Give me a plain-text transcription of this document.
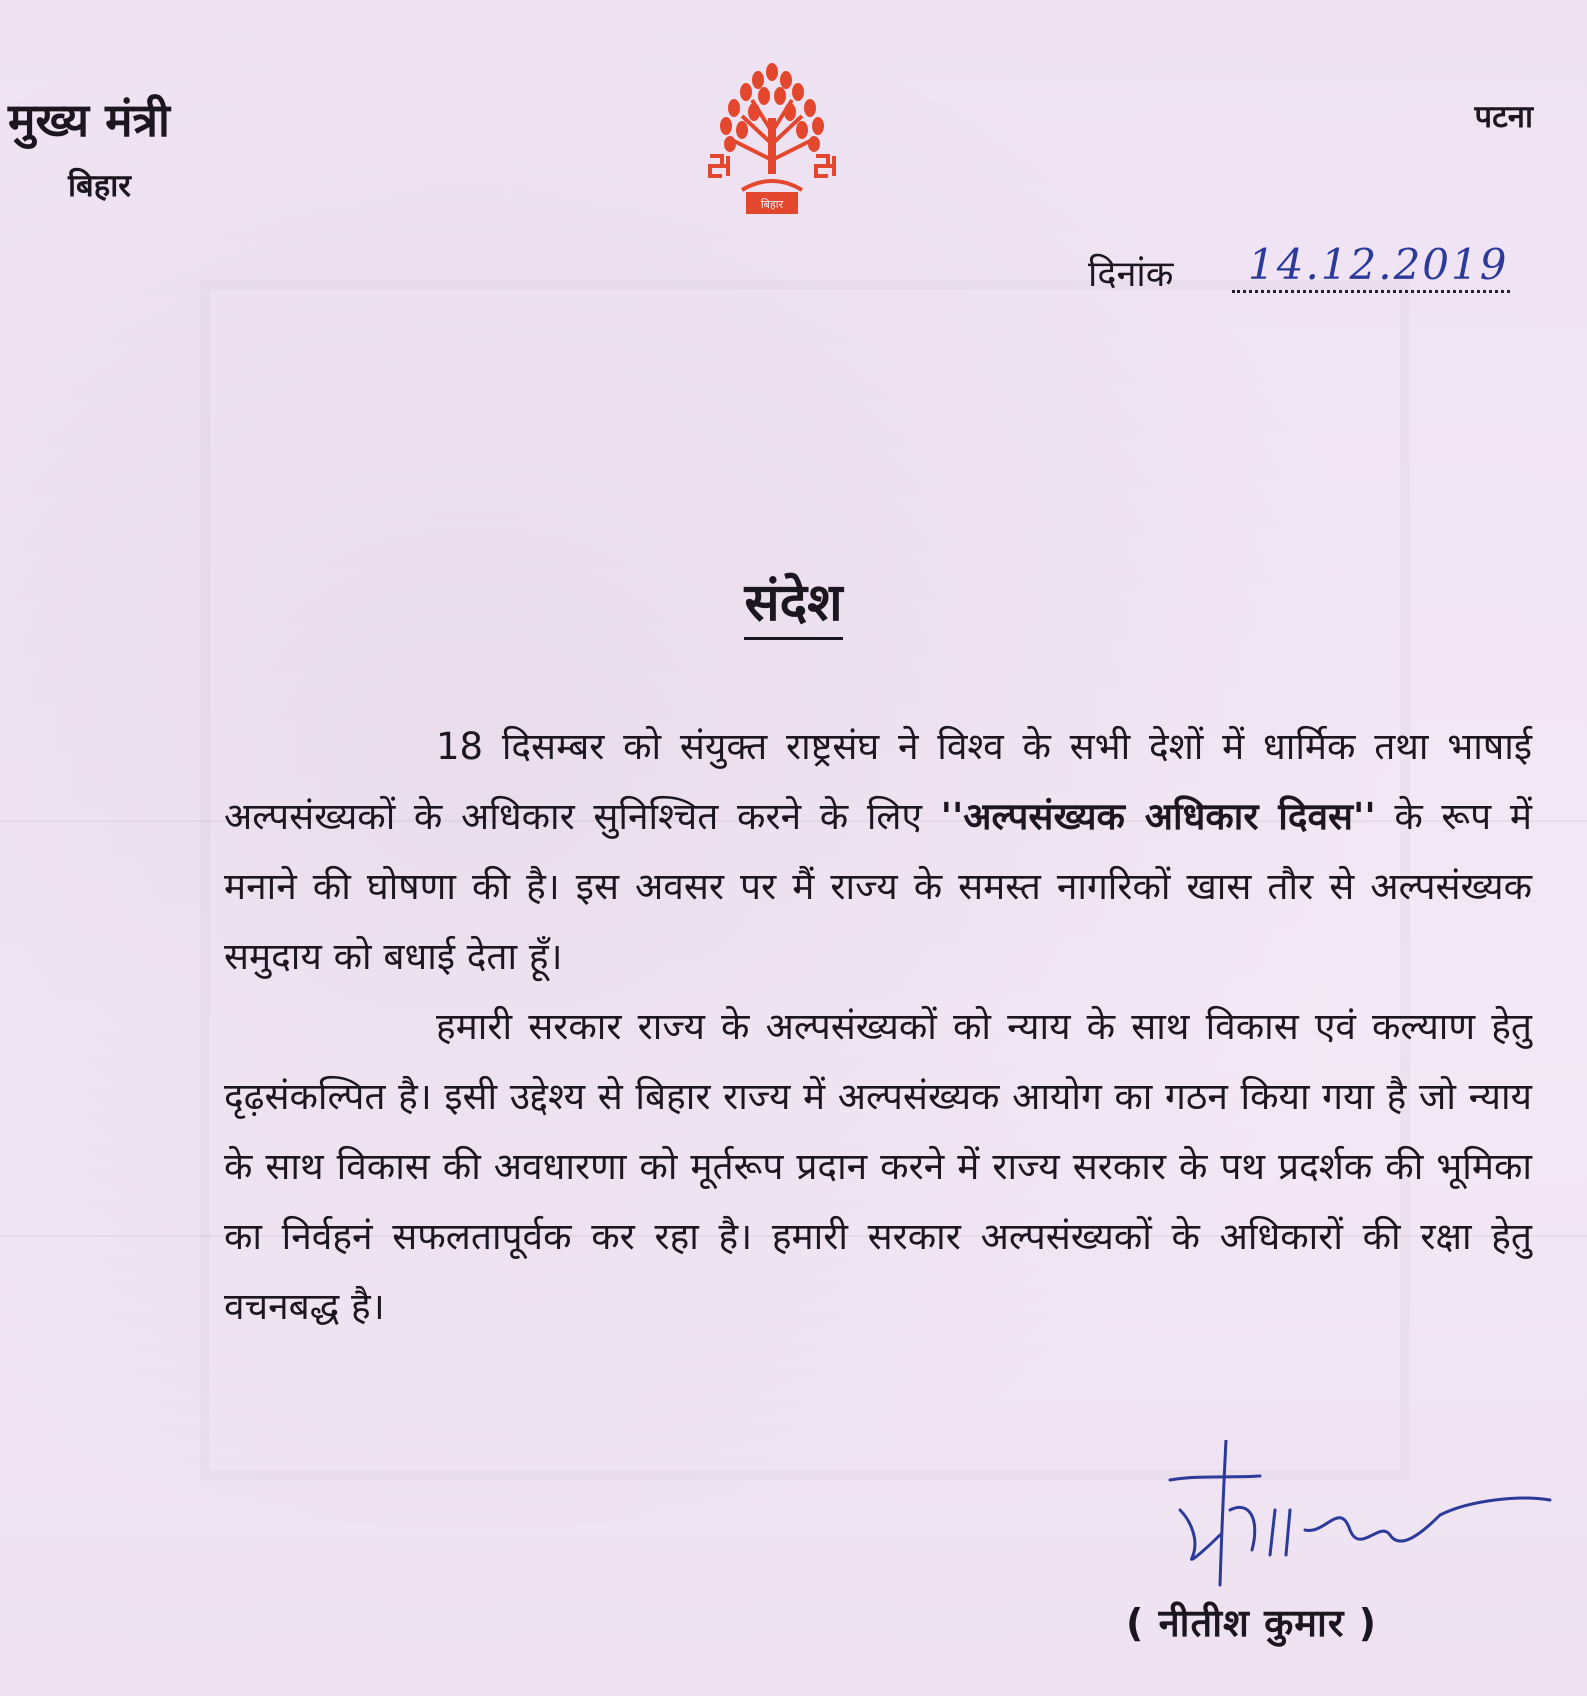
मुख्य मंत्री
बिहार
पटना
बिहार
दिनांक 14.12.2019
संदेश

18 दिसम्बर को संयुक्त राष्ट्रसंघ ने विश्व के सभी देशों में धार्मिक तथा भाषाई अल्पसंख्यकों के अधिकार सुनिश्चित करने के लिए ''अल्पसंख्यक अधिकार दिवस'' के रूप में मनाने की घोषणा की है। इस अवसर पर मैं राज्य के समस्त नागरिकों खास तौर से अल्पसंख्यक समुदाय को बधाई देता हूँ।

हमारी सरकार राज्य के अल्पसंख्यकों को न्याय के साथ विकास एवं कल्याण हेतु दृढ़संकल्पित है। इसी उद्देश्य से बिहार राज्य में अल्पसंख्यक आयोग का गठन किया गया है जो न्याय के साथ विकास की अवधारणा को मूर्तरूप प्रदान करने में राज्य सरकार के पथ प्रदर्शक की भूमिका का निर्वहनं सफलतापूर्वक कर रहा है। हमारी सरकार अल्पसंख्यकों के अधिकारों की रक्षा हेतु वचनबद्ध है।

( नीतीश कुमार )
